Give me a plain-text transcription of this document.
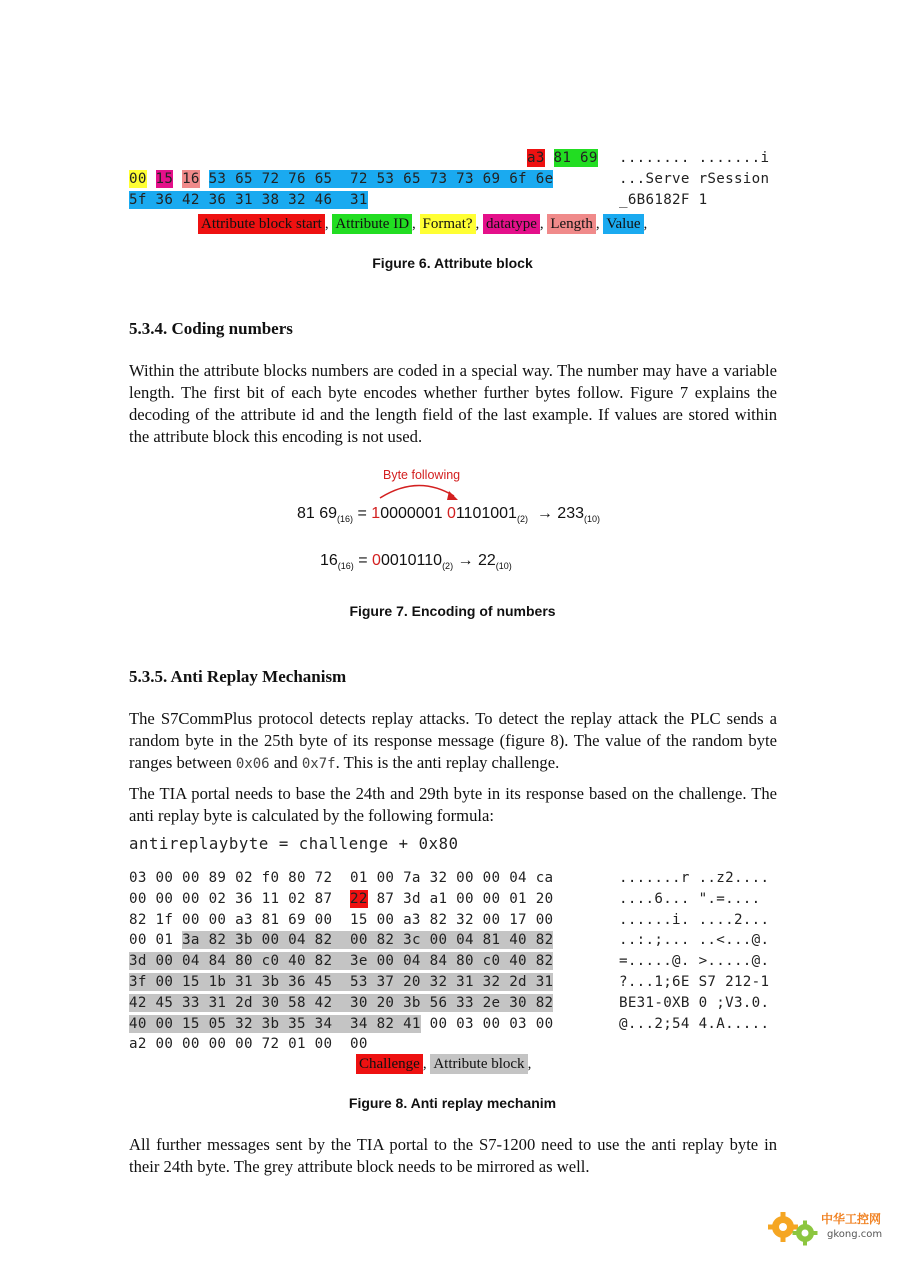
a3 81 69 ........ .......i
00 15 16 53 65 72 76 65  72 53 65 73 73 69 6f 6e	...Serve rSession
5f 36 42 36 31 38 32 46  31	_6B6182F 1
Attribute block start , Attribute ID , Format? , datatype , Length , Value ,
Figure 6. Attribute block
5.3.4. Coding numbers
Within the attribute blocks numbers are coded in a special way. The number may have a variable length. The first bit of each byte encodes whether further bytes follow. Figure 7 explains the decoding of the attribute id and the length field of the last example. If values are stored within the attribute block this encoding is not used.
Byte following
81 $69_{(16)} = 10000001$ $01101001_{(2)} \to 233_{(10)}$
$16_{(16)} = 00010110_{(2)} \to 22_{(10)}$
Figure 7. Encoding of numbers
5.3.5. Anti Replay Mechanism
The S7CommPlus protocol detects replay attacks. To detect the replay attack the PLC sends a random byte in the 25th byte of its response message (figure 8). The value of the random byte ranges between 0x06 and 0x7f. This is the anti replay challenge.
The TIA portal needs to base the 24th and 29th byte in its response based on the challenge. The anti replay byte is calculated by the following formula:
antireplaybyte = challenge + 0x80
03 00 00 89 02 f0 80 72  01 00 7a 32 00 00 04 ca	.......r ..z2....
00 00 00 02 36 11 02 87  22 87 3d a1 00 00 01 20	....6... ".=....
82 1f 00 00 a3 81 69 00  15 00 a3 82 32 00 17 00	......i. ....2...
00 01 3a 82 3b 00 04 82  00 82 3c 00 04 81 40 82	..:.;... ..<...@.
3d 00 04 84 80 c0 40 82  3e 00 04 84 80 c0 40 82	=.....@. >.....@.
3f 00 15 1b 31 3b 36 45  53 37 20 32 31 32 2d 31	?...1;6E S7 212-1
42 45 33 31 2d 30 58 42  30 20 3b 56 33 2e 30 82	BE31-0XB 0 ;V3.0.
40 00 15 05 32 3b 35 34  34 82 41 00 03 00 03 00	@...2;54 4.A.....
a2 00 00 00 00 72 01 00  00
Challenge , Attribute block ,
Figure 8. Anti replay mechanim
All further messages sent by the TIA portal to the S7-1200 need to use the anti replay byte in their 24th byte. The grey attribute block needs to be mirrored as well.
中华工控网
gkong.com
